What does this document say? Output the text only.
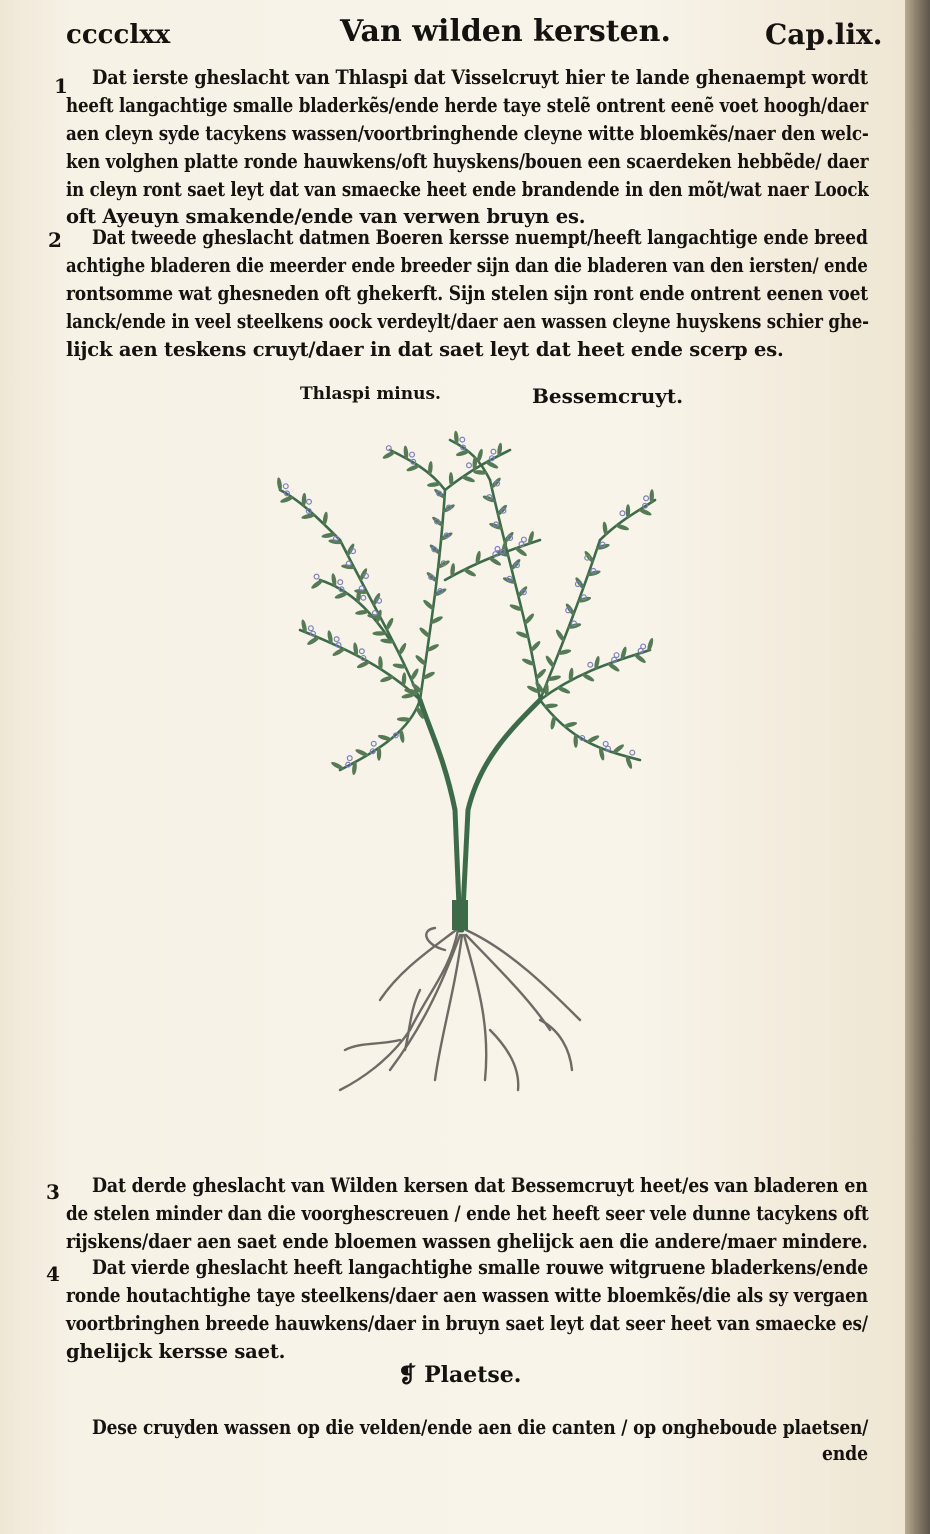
cccclxx	Van wilden kersten.	Cap.lix.
1 Dat ierste gheslacht van Thlaspi dat Visselcruyt hier te lande ghenaempt wordt
heeft langachtige smalle bladerkẽs/ende herde taye stelẽ ontrent eenẽ voet hoogh/daer
aen cleyn syde tacykens wassen/voortbringhende cleyne witte bloemkẽs/naer den welc-
ken volghen platte ronde hauwkens/oft huyskens/bouen een scaerdeken hebbẽde/ daer
in cleyn ront saet leyt dat van smaecke heet ende brandende in den mõt/wat naer Loock
oft Ayeuyn smakende/ende van verwen bruyn es.
2 Dat tweede gheslacht datmen Boeren kersse nuempt/heeft langachtige ende breed
achtighe bladeren die meerder ende breeder sijn dan die bladeren van den iersten/ ende
rontsomme wat ghesneden oft ghekerft. Sijn stelen sijn ront ende ontrent eenen voet
lanck/ende in veel steelkens oock verdeylt/daer aen wassen cleyne huyskens schier ghe-
lijck aen teskens cruyt/daer in dat saet leyt dat heet ende scerp es.
Thlaspi minus.	Bessemcruyt.
3 Dat derde gheslacht van Wilden kersen dat Bessemcruyt heet/es van bladeren en
de stelen minder dan die voorghescreuen / ende het heeft seer vele dunne tacykens oft
rijskens/daer aen saet ende bloemen wassen ghelijck aen die andere/maer mindere.
4 Dat vierde gheslacht heeft langachtighe smalle rouwe witgruene bladerkens/ende
ronde houtachtighe taye steelkens/daer aen wassen witte bloemkẽs/die als sy vergaen
voortbringhen breede hauwkens/daer in bruyn saet leyt dat seer heet van smaecke es/
ghelijck kersse saet.
❡ Plaetse.
Dese cruyden wassen op die velden/ende aen die canten / op ongheboude plaetsen/
ende
